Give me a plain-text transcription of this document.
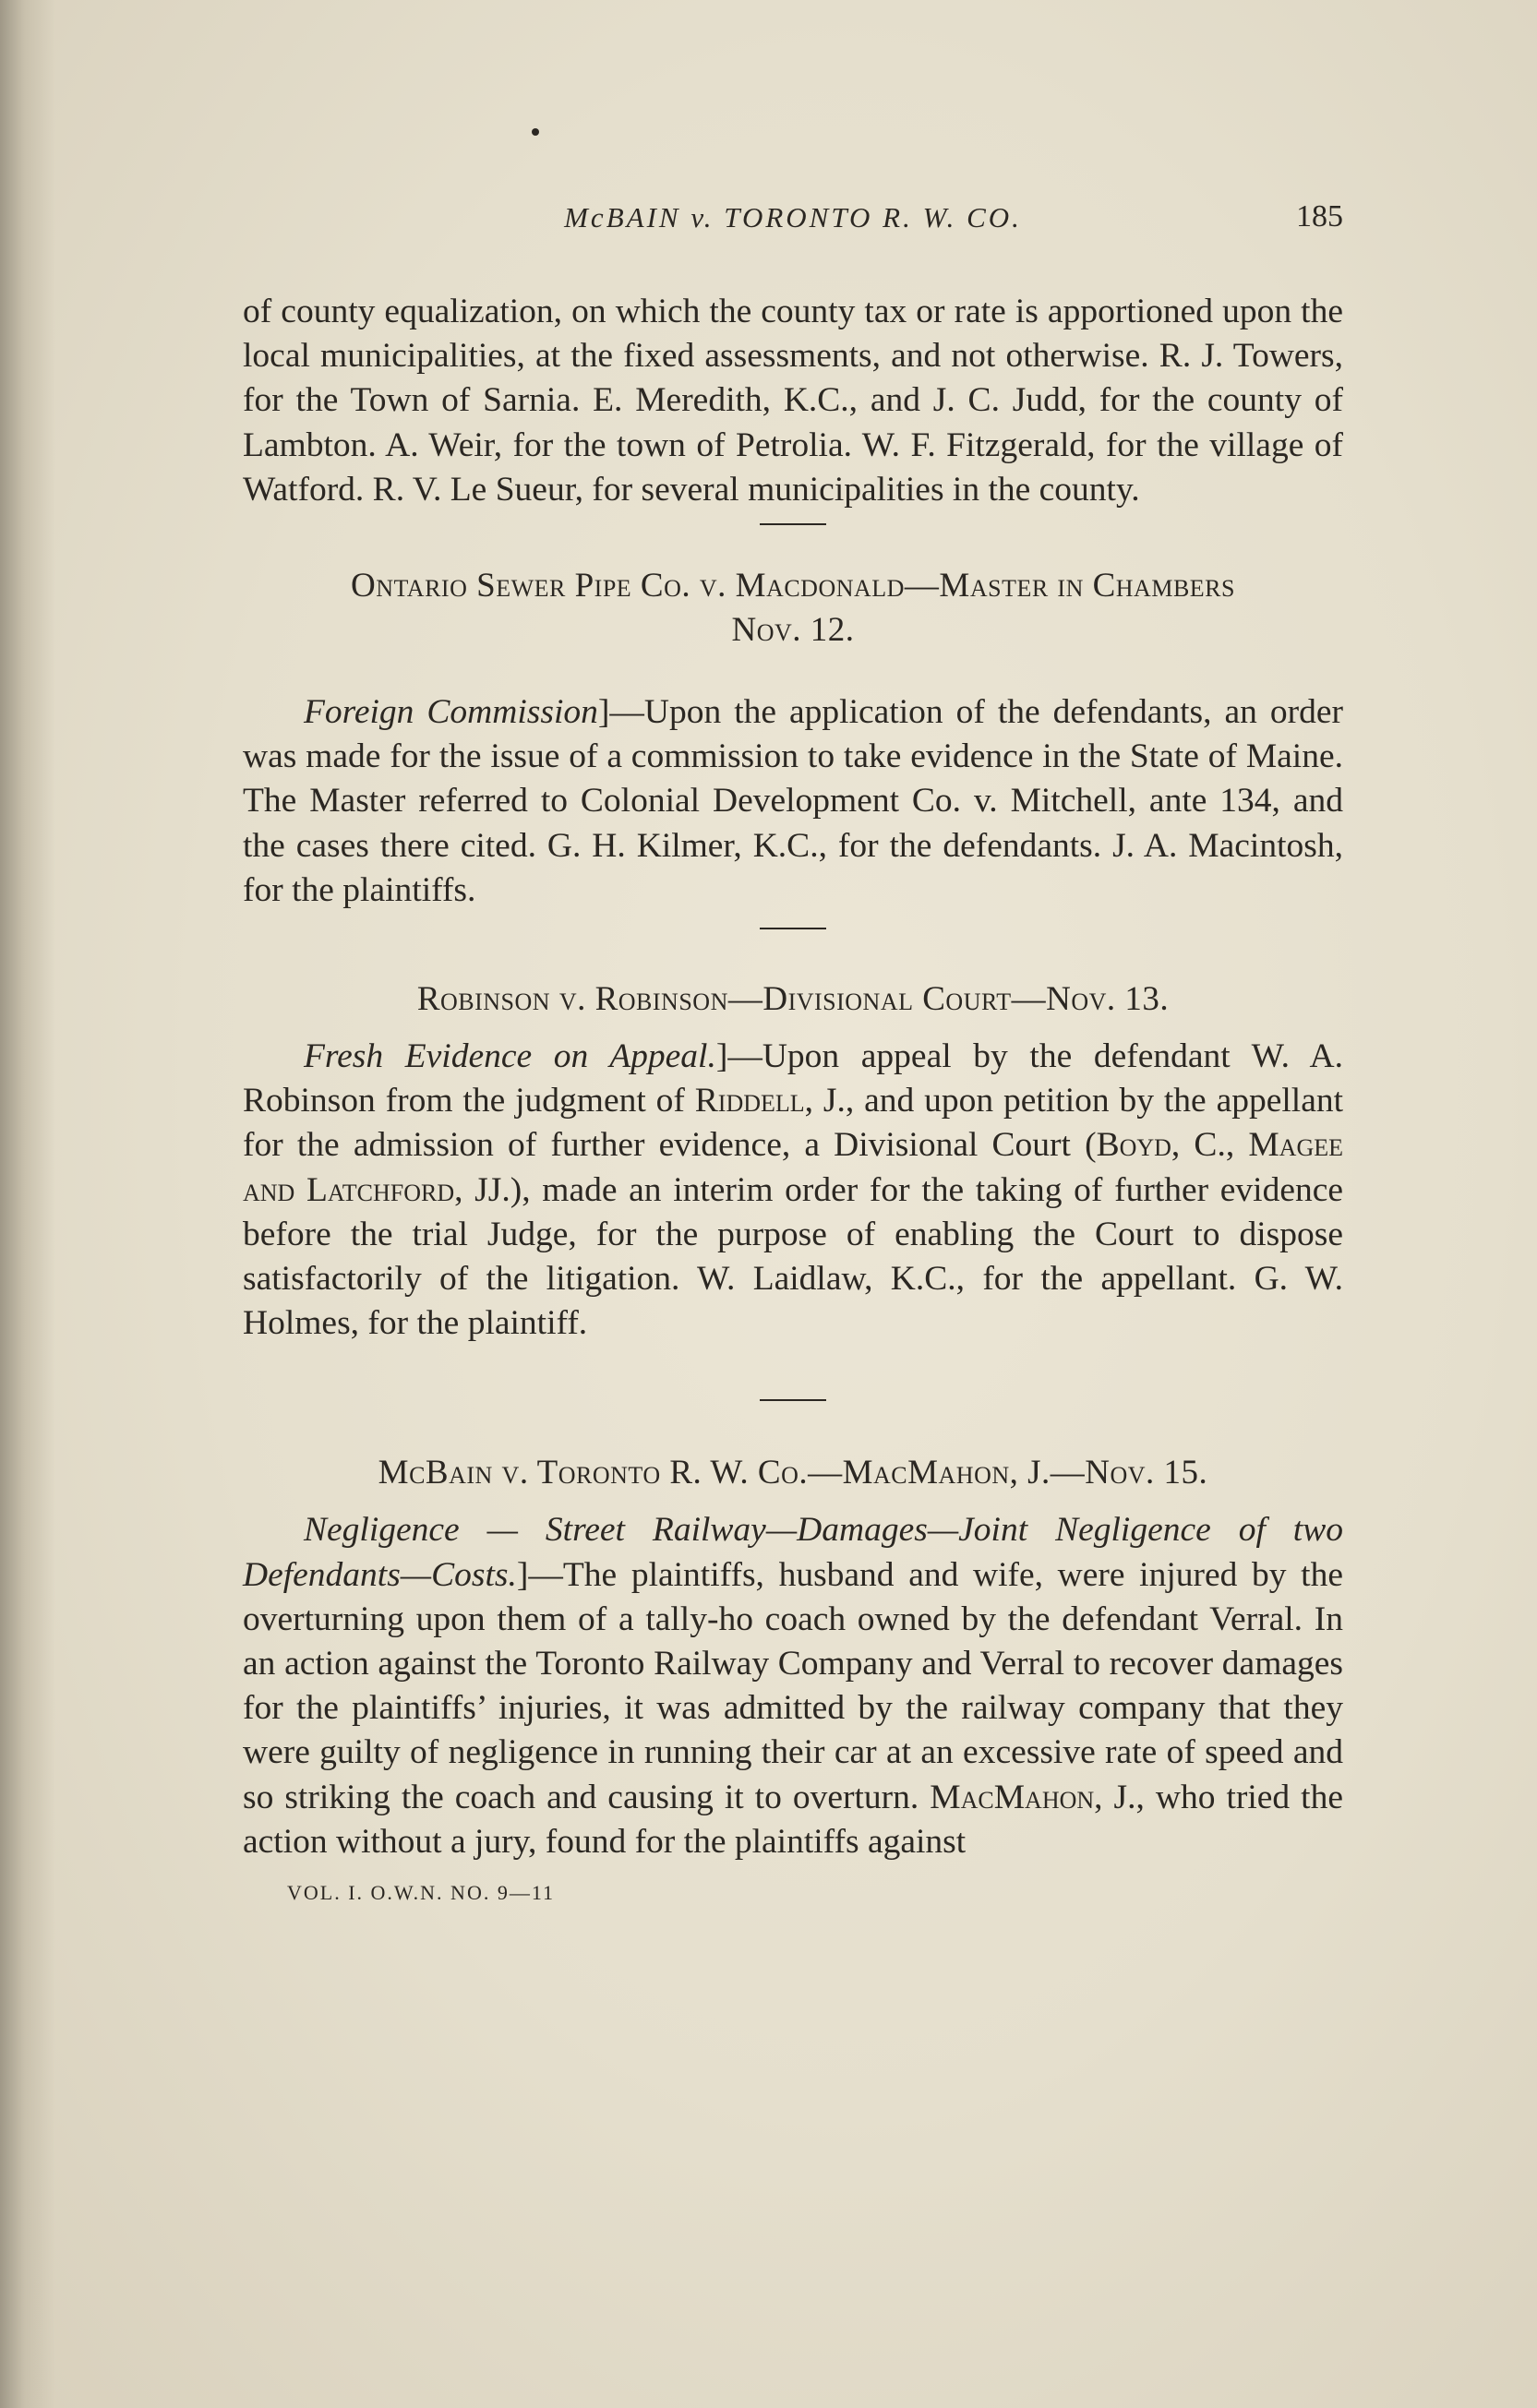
McBAIN v. TORONTO R. W. CO.	185

of county equalization, on which the county tax or rate is apportioned upon the local municipalities, at the fixed assessments, and not otherwise. R. J. Towers, for the Town of Sarnia. E. Meredith, K.C., and J. C. Judd, for the county of Lambton. A. Weir, for the town of Petrolia. W. F. Fitzgerald, for the village of Watford. R. V. Le Sueur, for several municipalities in the county.

Ontario Sewer Pipe Co. v. Macdonald—Master in Chambers
Nov. 12.

Foreign Commission]—Upon the application of the defendants, an order was made for the issue of a commission to take evidence in the State of Maine. The Master referred to Colonial Development Co. v. Mitchell, ante 134, and the cases there cited. G. H. Kilmer, K.C., for the defendants. J. A. Macintosh, for the plaintiffs.

Robinson v. Robinson—Divisional Court—Nov. 13.

Fresh Evidence on Appeal.]—Upon appeal by the defendant W. A. Robinson from the judgment of Riddell, J., and upon petition by the appellant for the admission of further evidence, a Divisional Court (Boyd, C., Magee and Latchford, JJ.), made an interim order for the taking of further evidence before the trial Judge, for the purpose of enabling the Court to dispose satisfactorily of the litigation. W. Laidlaw, K.C., for the appellant. G. W. Holmes, for the plaintiff.

McBain v. Toronto R. W. Co.—MacMahon, J.—Nov. 15.

Negligence — Street Railway—Damages—Joint Negligence of two Defendants—Costs.]—The plaintiffs, husband and wife, were injured by the overturning upon them of a tally-ho coach owned by the defendant Verral. In an action against the Toronto Railway Company and Verral to recover damages for the plaintiffs’ injuries, it was admitted by the railway company that they were guilty of negligence in running their car at an excessive rate of speed and so striking the coach and causing it to overturn. MacMahon, J., who tried the action without a jury, found for the plaintiffs against

VOL. I. O.W.N. NO. 9—11
